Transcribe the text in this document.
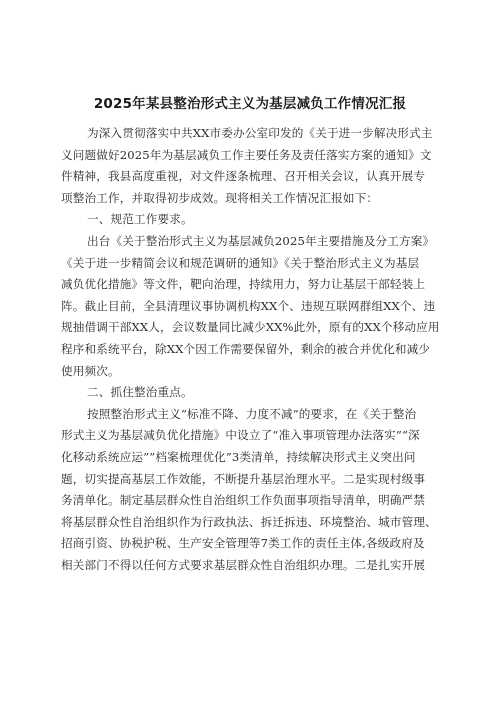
2025年某县整治形式主义为基层减负工作情况汇报
为深入贯彻落实中共XX市委办公室印发的《关于进一步解决形式主
义问题做好2025年为基层减负工作主要任务及责任落实方案的通知》文
件精神，我县高度重视，对文件逐条梳理、召开相关会议，认真开展专
项整治工作，并取得初步成效。现将相关工作情况汇报如下：
一、规范工作要求。
出台《关于整治形式主义为基层减负2025年主要措施及分工方案》
《关于进一步精简会议和规范调研的通知》《关于整治形式主义为基层
减负优化措施》等文件，靶向治理，持续用力，努力让基层干部轻装上
阵。截止目前，全县清理议事协调机构XX个、违规互联网群组XX个、违
规抽借调干部XX人，会议数量同比减少XX%此外，原有的XX个移动应用
程序和系统平台，除XX个因工作需要保留外，剩余的被合并优化和减少
使用频次。
二、抓住整治重点。
按照整治形式主义”标准不降、力度不减”的要求，在《关于整治
形式主义为基层减负优化措施》中设立了“准入事项管理办法落实”“深
化移动系统应运””档案梳理优化”3类清单，持续解决形式主义突出问
题，切实提高基层工作效能，不断提升基层治理水平。二是实现村级事
务清单化。制定基层群众性自治组织工作负面事项指导清单，明确严禁
将基层群众性自治组织作为行政执法、拆迁拆违、环境整治、城市管理、
招商引资、协税护税、生产安全管理等7类工作的责任主体,各级政府及
相关部门不得以任何方式要求基层群众性自治组织办理。二是扎实开展
